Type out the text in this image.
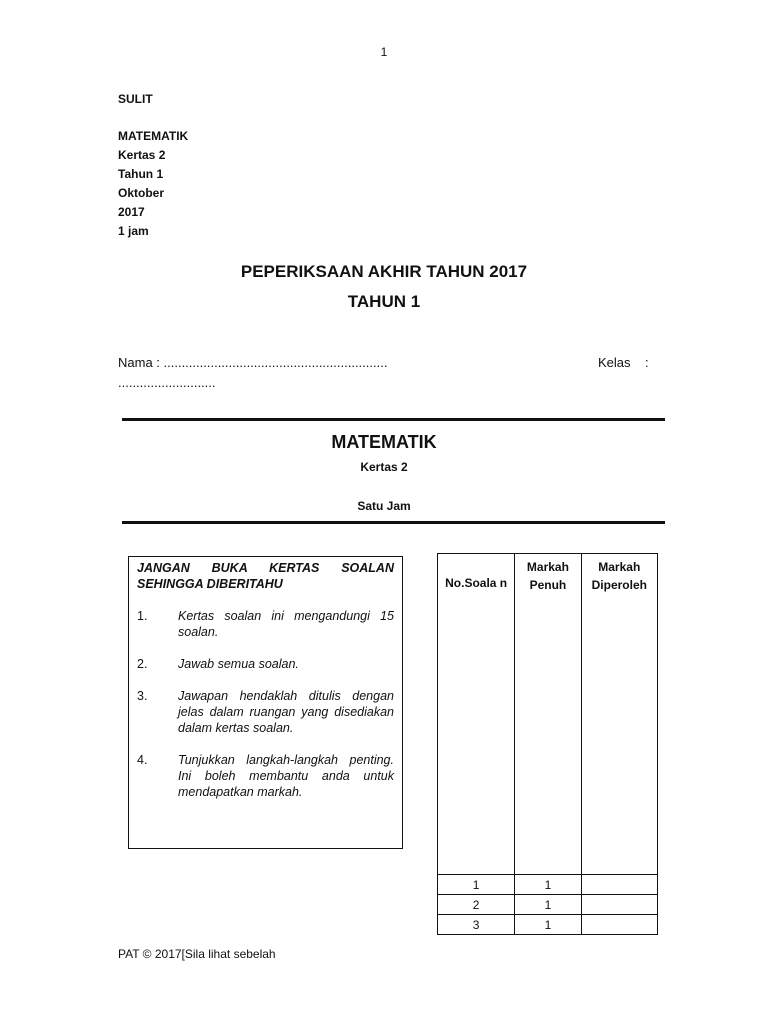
1
SULIT
MATEMATIK
Kertas 2
Tahun 1
Oktober
2017
1 jam
PEPERIKSAAN AKHIR TAHUN 2017
TAHUN 1
Nama : ..............................................................	Kelas    :
...........................
MATEMATIK
Kertas 2
Satu Jam
JANGAN BUKA KERTAS SOALAN
SEHINGGA DIBERITAHU
1.	Kertas soalan ini mengandungi 15 soalan.
2.	Jawab semua soalan.
3.	Jawapan hendaklah ditulis dengan jelas dalam ruangan yang disediakan dalam kertas soalan.
4.	Tunjukkan langkah-langkah penting. Ini boleh membantu anda untuk mendapatkan markah.
No.Soala n	Markah Penuh	Markah Diperoleh
1	1	
2	1	
3	1	
PAT © 2017[Sila lihat sebelah
